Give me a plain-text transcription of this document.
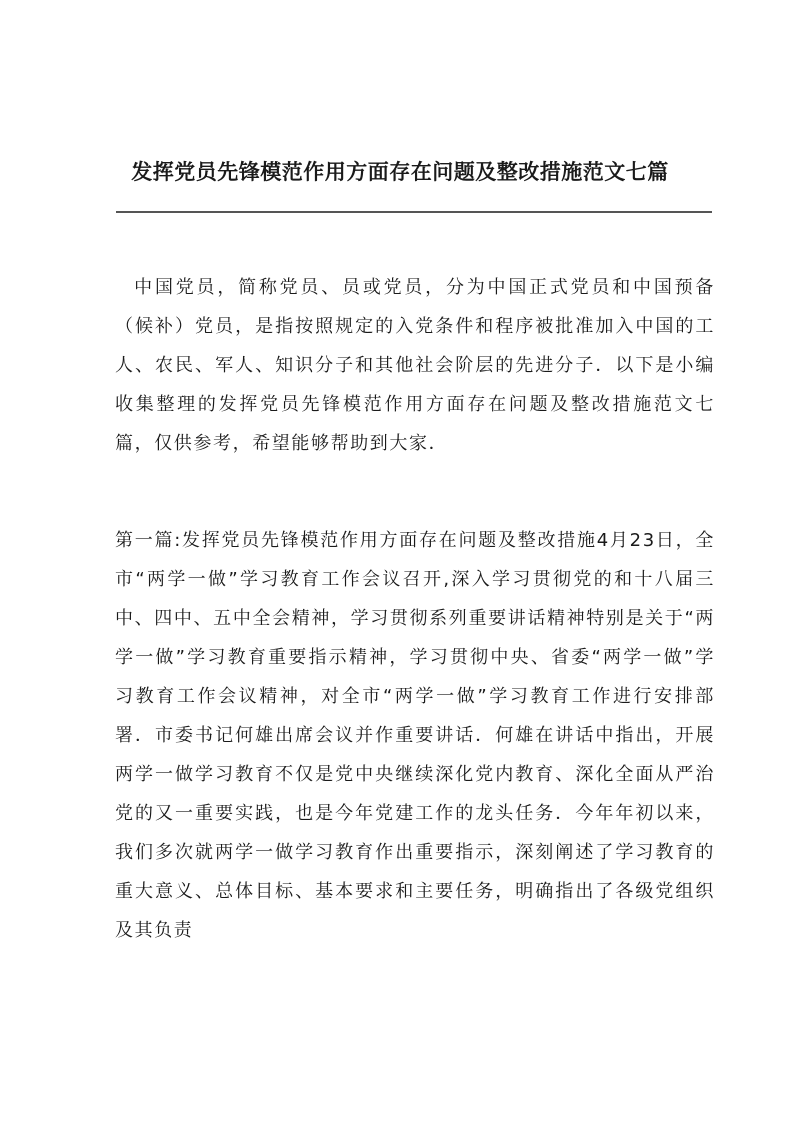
发挥党员先锋模范作用方面存在问题及整改措施范文七篇

中国党员，简称党员、员或党员，分为中国正式党员和中国预备（候补）党员，是指按照规定的入党条件和程序被批准加入中国的工人、农民、军人、知识分子和其他社会阶层的先进分子．以下是小编收集整理的发挥党员先锋模范作用方面存在问题及整改措施范文七篇，仅供参考，希望能够帮助到大家．

第一篇:发挥党员先锋模范作用方面存在问题及整改措施4月23日，全市“两学一做”学习教育工作会议召开,深入学习贯彻党的和十八届三中、四中、五中全会精神，学习贯彻系列重要讲话精神特别是关于“两学一做”学习教育重要指示精神，学习贯彻中央、省委“两学一做”学习教育工作会议精神，对全市“两学一做”学习教育工作进行安排部署．市委书记何雄出席会议并作重要讲话．何雄在讲话中指出，开展两学一做学习教育不仅是党中央继续深化党内教育、深化全面从严治党的又一重要实践，也是今年党建工作的龙头任务．今年年初以来，我们多次就两学一做学习教育作出重要指示，深刻阐述了学习教育的重大意义、总体目标、基本要求和主要任务，明确指出了各级党组织及其负责
